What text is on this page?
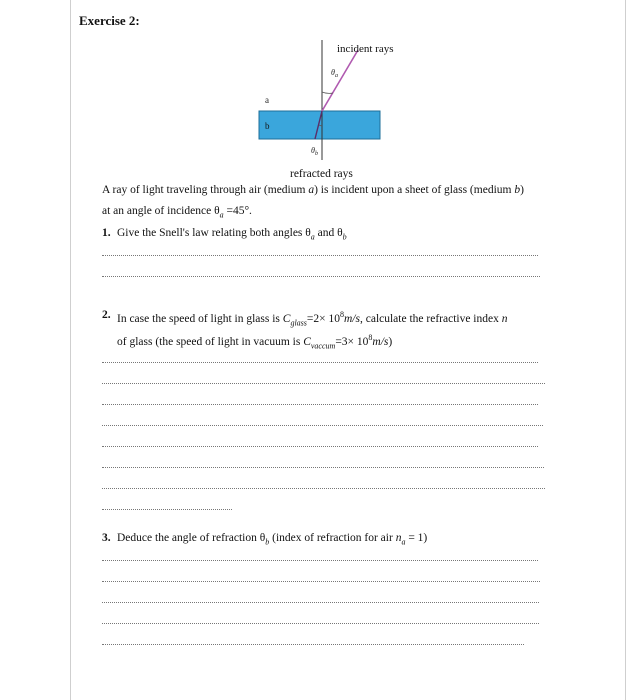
Exercise 2:
incident rays
$\theta_a$
a
b
$\theta_b$
refracted rays
A ray of light traveling through air (medium a) is incident upon a sheet of glass (medium b)
at an angle of incidence $\theta_a =45^\circ$.
1. Give the Snell's law relating both angles $\theta_a$ and $\theta_b$
2. In case the speed of light in glass is $C_{glass}=2\times 10^8m/s$, calculate the refractive index n
of glass (the speed of light in vacuum is $C_{vaccum}=3\times 10^8m/s$)
3. Deduce the angle of refraction $\theta_b$ (index of refraction for air $n_a = 1$)
